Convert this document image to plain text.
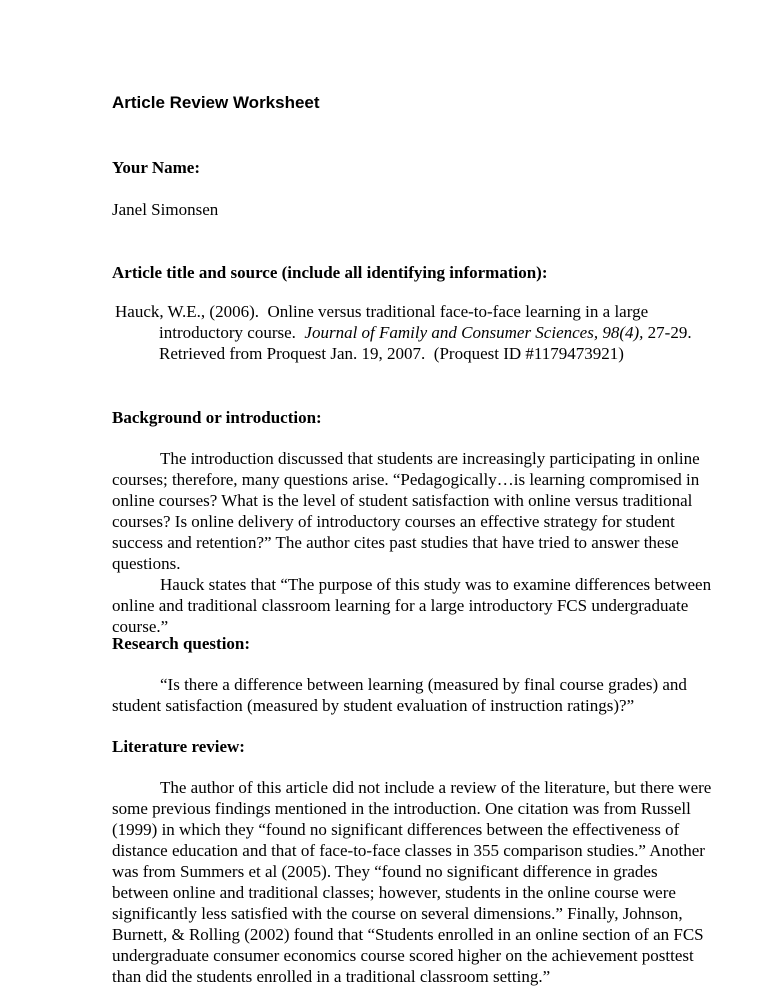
Article Review Worksheet

Your Name:

Janel Simonsen

Article title and source (include all identifying information):

Hauck, W.E., (2006).  Online versus traditional face-to-face learning in a large introductory course.  Journal of Family and Consumer Sciences, 98(4), 27-29. Retrieved from Proquest Jan. 19, 2007.  (Proquest ID #1179473921)

Background or introduction:

The introduction discussed that students are increasingly participating in online courses; therefore, many questions arise. “Pedagogically…is learning compromised in online courses? What is the level of student satisfaction with online versus traditional courses? Is online delivery of introductory courses an effective strategy for student success and retention?” The author cites past studies that have tried to answer these questions.

Hauck states that “The purpose of this study was to examine differences between online and traditional classroom learning for a large introductory FCS undergraduate course.”

Research question:

“Is there a difference between learning (measured by final course grades) and student satisfaction (measured by student evaluation of instruction ratings)?”

Literature review:

The author of this article did not include a review of the literature, but there were some previous findings mentioned in the introduction. One citation was from Russell (1999) in which they “found no significant differences between the effectiveness of distance education and that of face-to-face classes in 355 comparison studies.” Another was from Summers et al (2005). They “found no significant difference in grades between online and traditional classes; however, students in the online course were significantly less satisfied with the course on several dimensions.” Finally, Johnson, Burnett, & Rolling (2002) found that “Students enrolled in an online section of an FCS undergraduate consumer economics course scored higher on the achievement posttest than did the students enrolled in a traditional classroom setting.”
